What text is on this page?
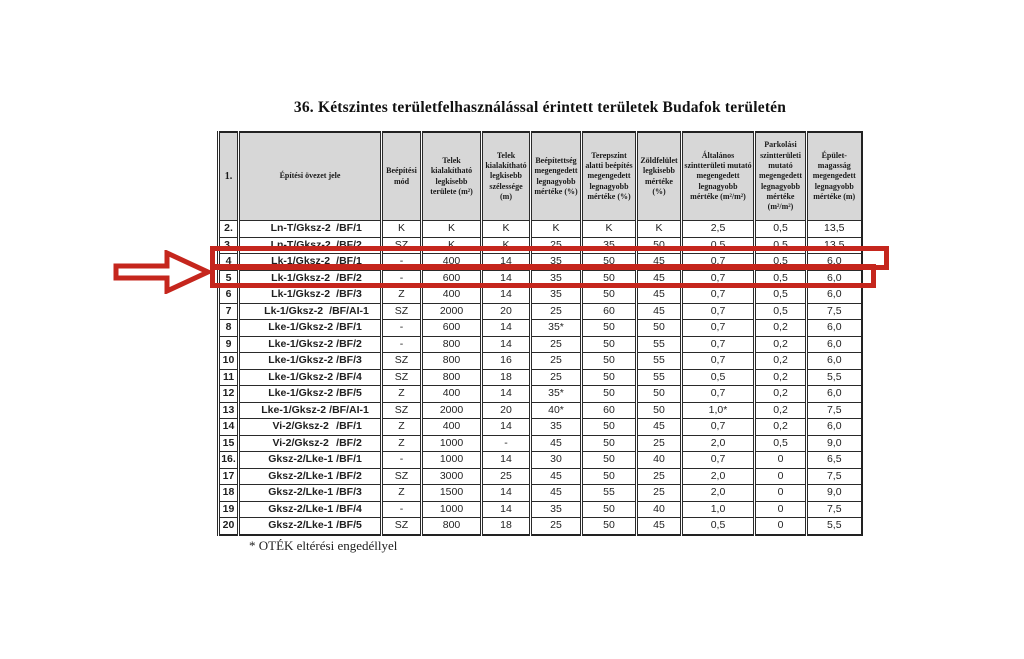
36. Kétszintes területfelhasználással érintett területek Budafok területén
1.	Építési övezet jele	Beépítési mód	Telek kialakítható legkisebb területe (m²)	Telek kialakítható legkisebb szélessége (m)	Beépítettség megengedett legnagyobb mértéke (%)	Terepszint alatti beépítés megengedett legnagyobb mértéke (%)	Zöldfelület legkisebb mértéke (%)	Általános szintterületi mutató megengedett legnagyobb mértéke (m²/m²)	Parkolási szintterületi mutató megengedett legnagyobb mértéke (m²/m²)	Épület-magasság megengedett legnagyobb mértéke (m)
2.	Ln-T/Gksz-2 /BF/1	K	K	K	K	K	K	2,5	0,5	13,5
3.	Ln-T/Gksz-2 /BF/2	SZ	K	K	25	35	50	0,5	0,5	13,5
4	Lk-1/Gksz-2 /BF/1	-	400	14	35	50	45	0,7	0,5	6,0
5	Lk-1/Gksz-2 /BF/2	-	600	14	35	50	45	0,7	0,5	6,0
6	Lk-1/Gksz-2 /BF/3	Z	400	14	35	50	45	0,7	0,5	6,0
7	Lk-1/Gksz-2 /BF/AI-1	SZ	2000	20	25	60	45	0,7	0,5	7,5
8	Lke-1/Gksz-2 /BF/1	-	600	14	35*	50	50	0,7	0,2	6,0
9	Lke-1/Gksz-2 /BF/2	-	800	14	25	50	55	0,7	0,2	6,0
10	Lke-1/Gksz-2 /BF/3	SZ	800	16	25	50	55	0,7	0,2	6,0
11	Lke-1/Gksz-2 /BF/4	SZ	800	18	25	50	55	0,5	0,2	5,5
12	Lke-1/Gksz-2 /BF/5	Z	400	14	35*	50	50	0,7	0,2	6,0
13	Lke-1/Gksz-2 /BF/AI-1	SZ	2000	20	40*	60	50	1,0*	0,2	7,5
14	Vi-2/Gksz-2 /BF/1	Z	400	14	35	50	45	0,7	0,2	6,0
15	Vi-2/Gksz-2 /BF/2	Z	1000	-	45	50	25	2,0	0,5	9,0
16.	Gksz-2/Lke-1 /BF/1	-	1000	14	30	50	40	0,7	0	6,5
17	Gksz-2/Lke-1 /BF/2	SZ	3000	25	45	50	25	2,0	0	7,5
18	Gksz-2/Lke-1 /BF/3	Z	1500	14	45	55	25	2,0	0	9,0
19	Gksz-2/Lke-1 /BF/4	-	1000	14	35	50	40	1,0	0	7,5
20	Gksz-2/Lke-1 /BF/5	SZ	800	18	25	50	45	0,5	0	5,5
* OTÉK eltérési engedéllyel
